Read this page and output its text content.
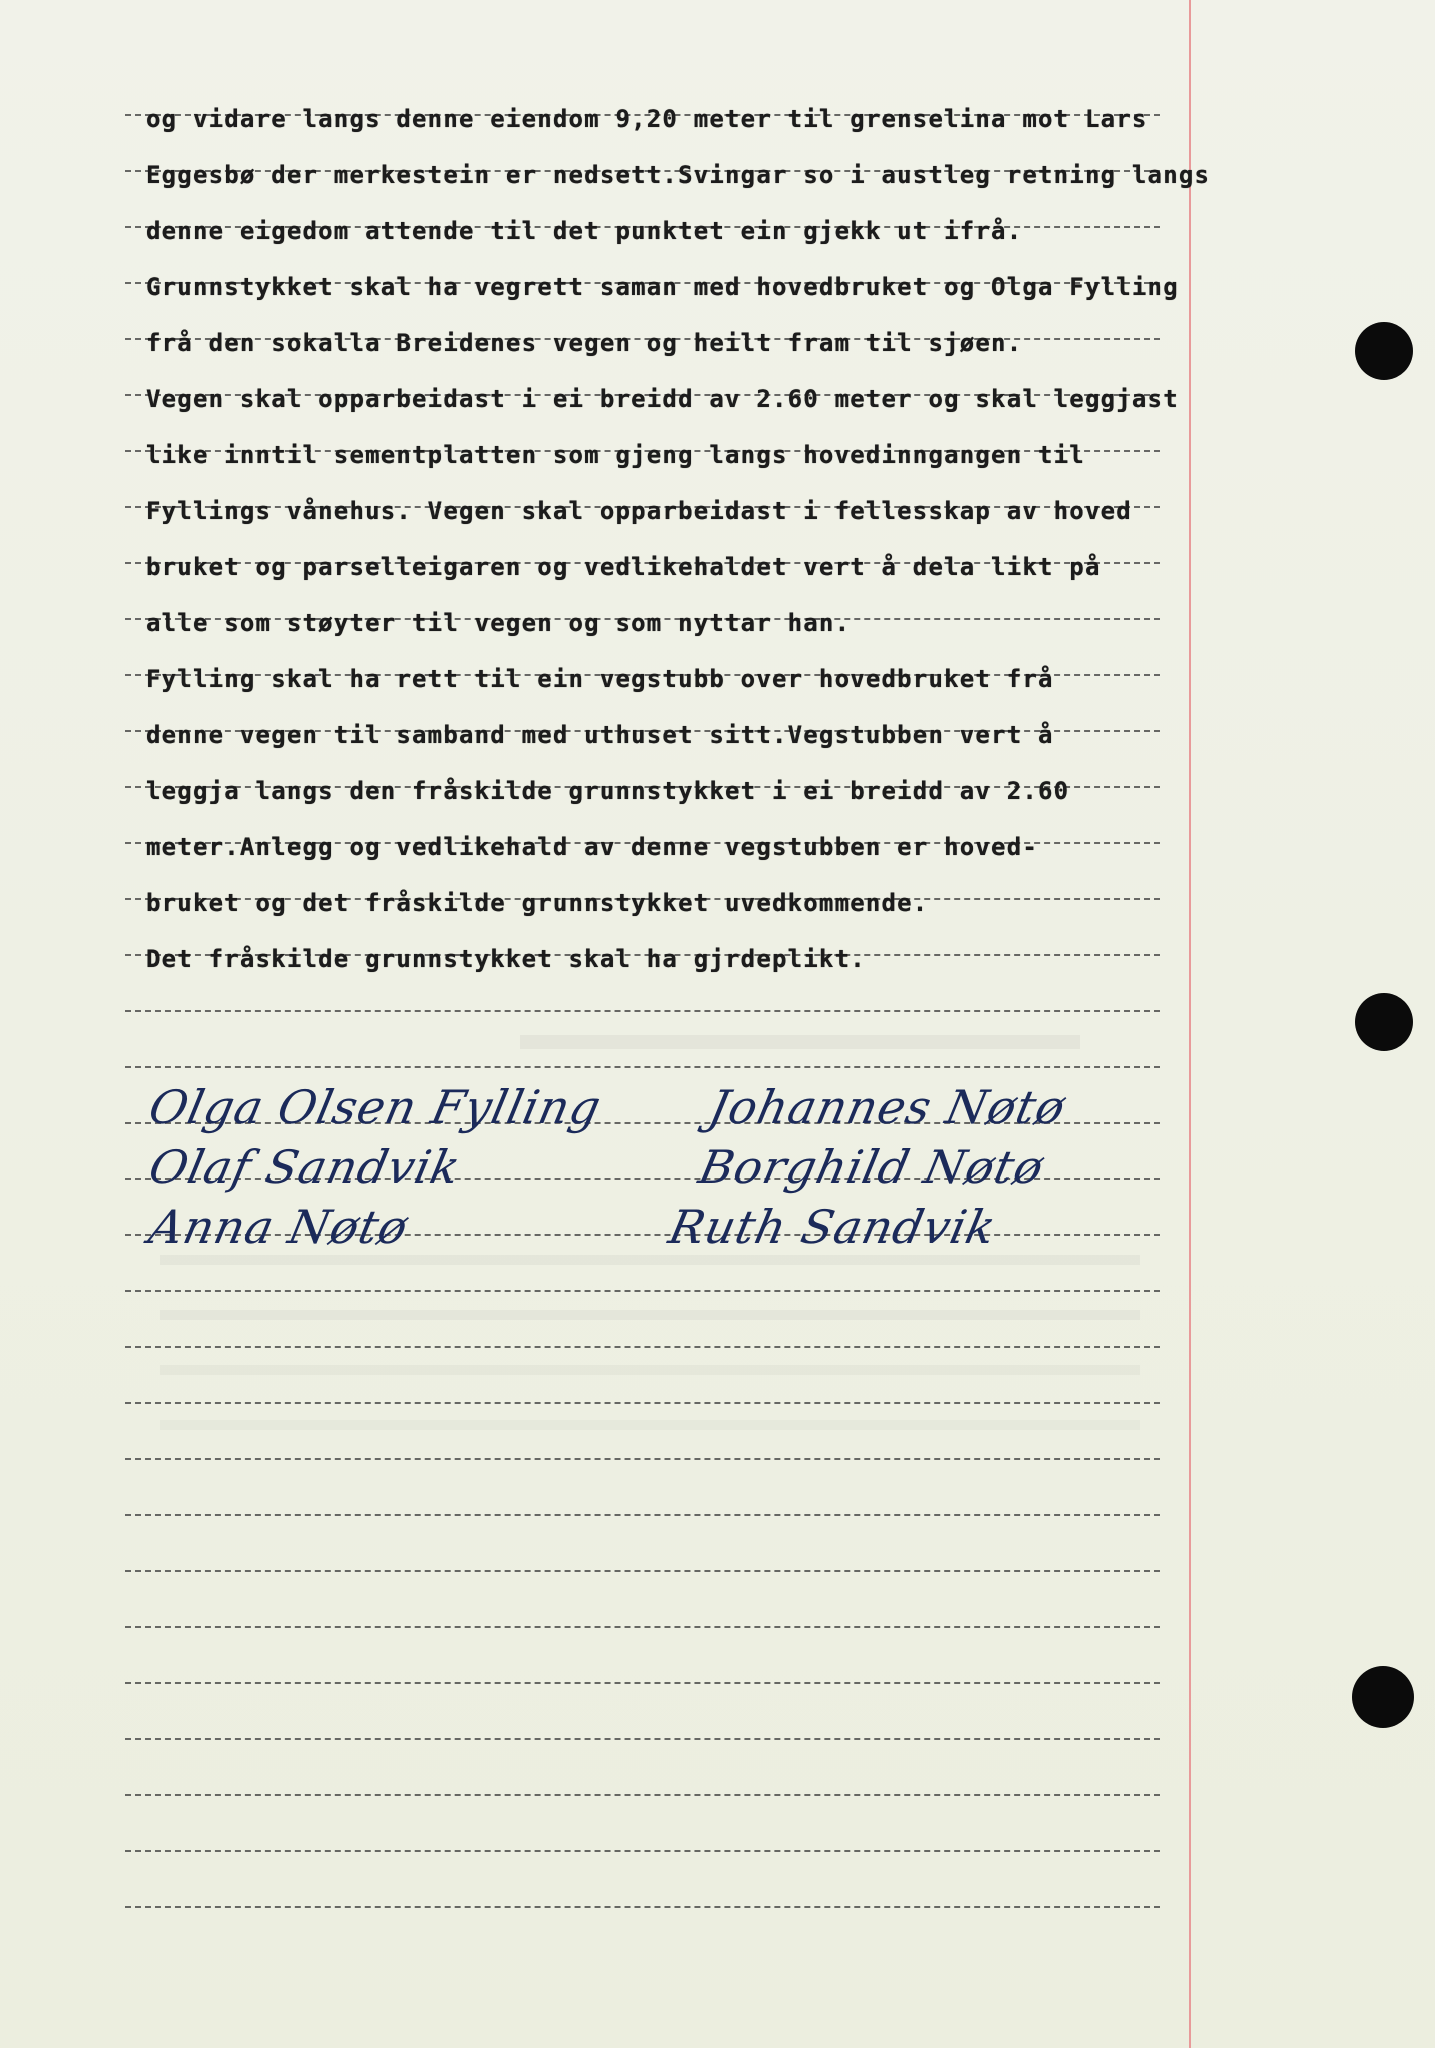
og vidare langs denne eiendom 9,20 meter til grenselina mot Lars
Eggesbø der merkestein er nedsett.Svingar so i austleg retning langs
denne eigedom attende til det punktet ein gjekk ut ifrå.
Grunnstykket skal ha vegrett saman med hovedbruket og Olga Fylling
frå den sokalla Breidenes vegen og heilt fram til sjøen.
Vegen skal opparbeidast i ei breidd av 2.60 meter og skal leggjast
like inntil sementplatten som gjeng langs hovedinngangen til
Fyllings vånehus. Vegen skal opparbeidast i fellesskap av hoved
bruket og parselleigaren og vedlikehaldet vert å dela likt på
alle som støyter til vegen og som nyttar han.
Fylling skal ha rett til ein vegstubb over hovedbruket frå
denne vegen til samband med uthuset sitt.Vegstubben vert å
leggja langs den fråskilde grunnstykket i ei breidd av 2.60
meter.Anlegg og vedlikehald av denne vegstubben er hoved-
bruket og det fråskilde grunnstykket uvedkommende.
Det fråskilde grunnstykket skal ha gjrdeplikt.
Olga Olsen Fylling Johannes Nøtø
Olaf Sandvik	Borghild Nøtø
Anna Nøtø	Ruth Sandvik
